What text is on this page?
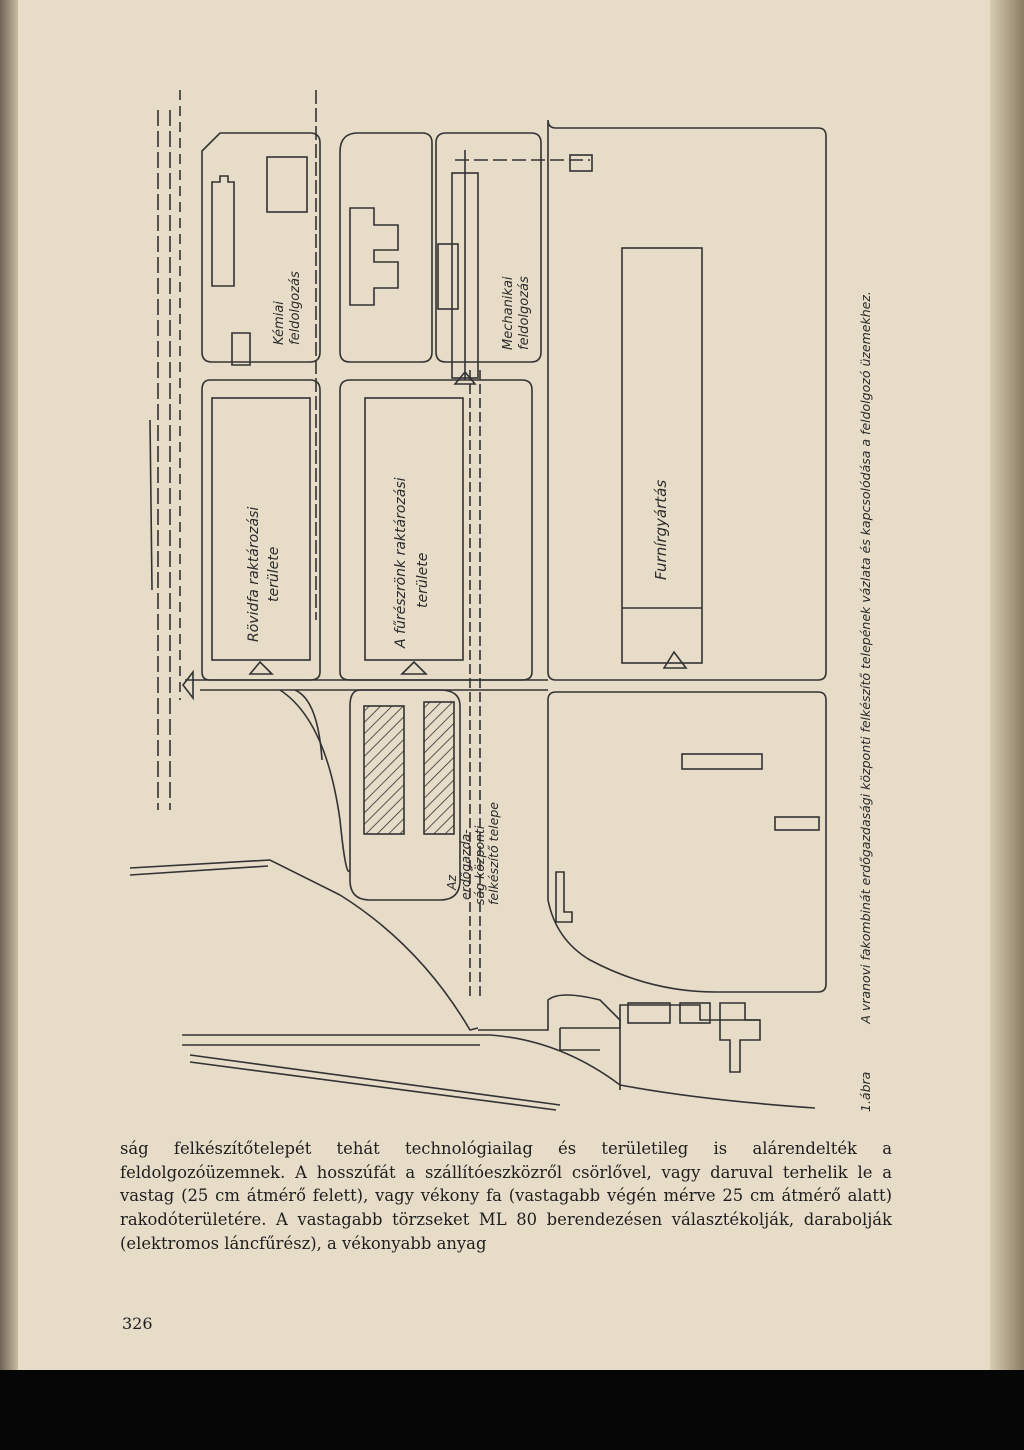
Kémiai feldolgozás	Mechanikai feldolgozás
Rövidfa raktározási területe	A fűrészrönk raktározási területe
Furnírgyártás
Az erdőgazda- ság központi felkészítő telepe
1.ábraA vranovi fakombinát erdőgazdasági központi felkészítő telepének vázlata és kapcsolódása a feldolgozó üzemekhez.

ság felkészítőtelepét tehát technológiailag és területileg is alárendelték a feldolgozóüzemnek. A hosszúfát a szállítóeszközről csörlővel, vagy daruval terhelik le a vastag (25 cm átmérő felett), vagy vékony fa (vastagabb végén mérve 25 cm átmérő alatt) rakodóterületére. A vastagabb törzseket ML 80 berendezésen választékolják, darabolják (elektromos láncfűrész), a vékonyabb anyag

326
